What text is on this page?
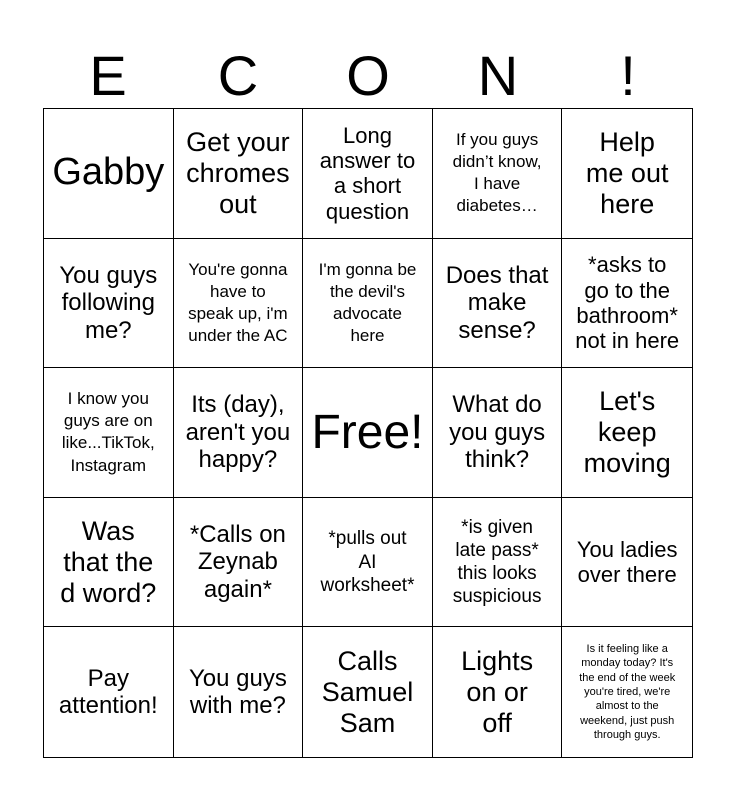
E	C	O	N	!
Gabby
Get your
chromes
out
Long
answer to
a short
question
If you guys
didn’t know,
I have
diabetes…
Help
me out
here
You guys
following
me?
You're gonna
have to
speak up, i'm
under the AC
I'm gonna be
the devil's
advocate
here
Does that
make
sense?
*asks to
go to the
bathroom*
not in here
I know you
guys are on
like...TikTok,
Instagram
Its (day),
aren't you
happy?
Free!
What do
you guys
think?
Let's
keep
moving
Was
that the
d word?
*Calls on
Zeynab
again*
*pulls out
AI
worksheet*
*is given
late pass*
this looks
suspicious
You ladies
over there
Pay
attention!
You guys
with me?
Calls
Samuel
Sam
Lights
on or
off
Is it feeling like a
monday today? It's
the end of the week
you're tired, we're
almost to the
weekend, just push
through guys.
